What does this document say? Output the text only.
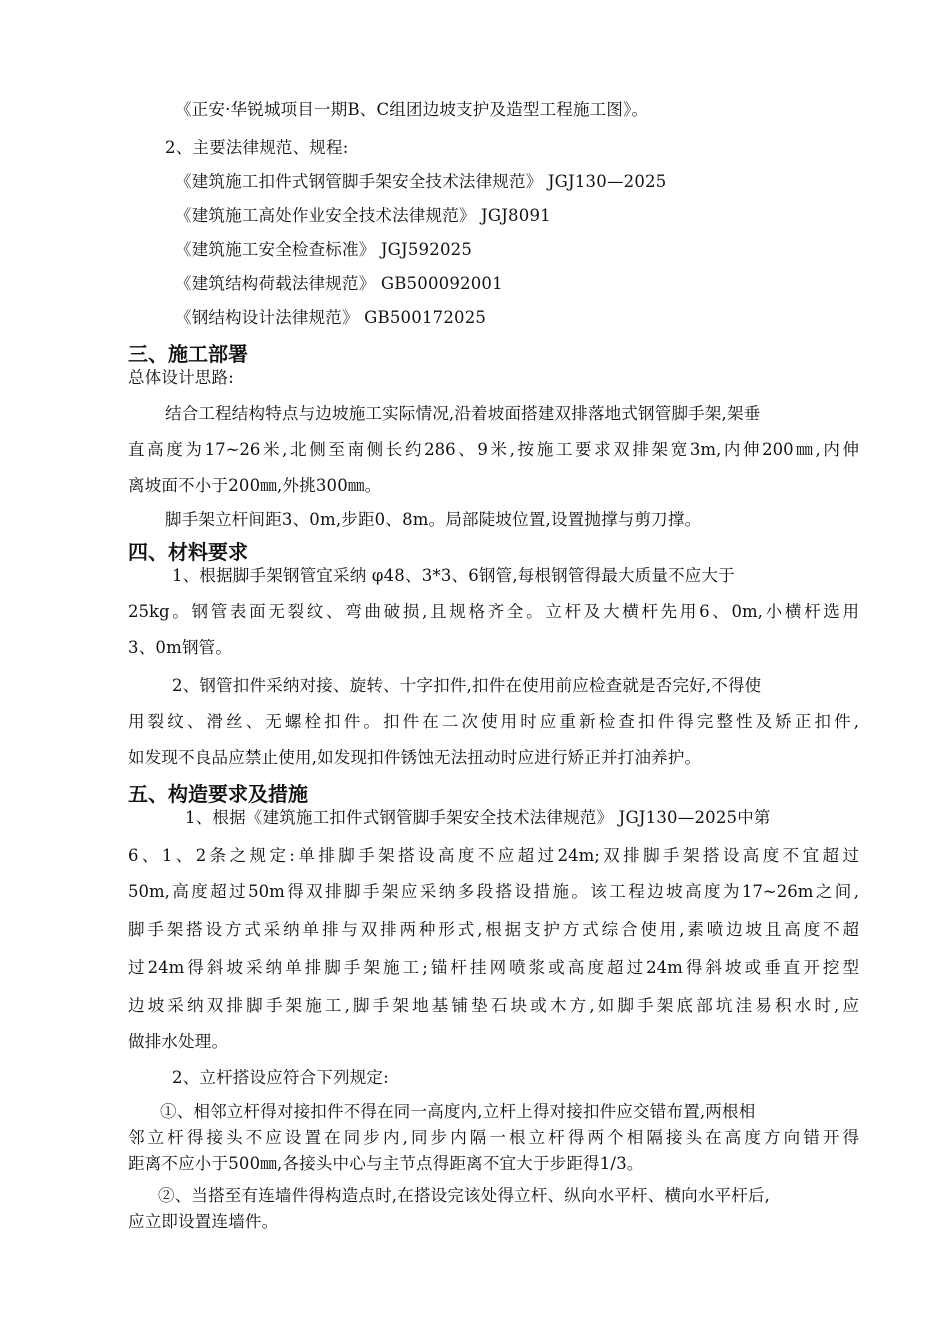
《正安·华锐城项目一期B、C组团边坡支护及造型工程施工图》。
2、主要法律规范、规程:
《建筑施工扣件式钢管脚手架安全技术法律规范》 JGJ130—2025
《建筑施工高处作业安全技术法律规范》 JGJ8091
《建筑施工安全检查标准》 JGJ592025
《建筑结构荷载法律规范》 GB500092001
《钢结构设计法律规范》 GB500172025
三、施工部署
总体设计思路:
结合工程结构特点与边坡施工实际情况,沿着坡面搭建双排落地式钢管脚手架,架垂
直高度为17~26米,北侧至南侧长约286、9米,按施工要求双排架宽3m,内伸200㎜,内伸
离坡面不小于200㎜,外挑300㎜。
脚手架立杆间距3、0m,步距0、8m。局部陡坡位置,设置抛撑与剪刀撑。
四、材料要求
1、根据脚手架钢管宜采纳 φ48、3*3、6钢管,每根钢管得最大质量不应大于
25kg。钢管表面无裂纹、弯曲破损,且规格齐全。立杆及大横杆先用6、0m,小横杆选用
3、0m钢管。
2、钢管扣件采纳对接、旋转、十字扣件,扣件在使用前应检查就是否完好,不得使
用裂纹、滑丝、无螺栓扣件。扣件在二次使用时应重新检查扣件得完整性及矫正扣件,
如发现不良品应禁止使用,如发现扣件锈蚀无法扭动时应进行矫正并打油养护。
五、构造要求及措施
1、根据《建筑施工扣件式钢管脚手架安全技术法律规范》 JGJ130—2025中第
6、1、2条之规定:单排脚手架搭设高度不应超过24m;双排脚手架搭设高度不宜超过
50m,高度超过50m得双排脚手架应采纳多段搭设措施。该工程边坡高度为17~26m之间,
脚手架搭设方式采纳单排与双排两种形式,根据支护方式综合使用,素喷边坡且高度不超
过24m得斜坡采纳单排脚手架施工;锚杆挂网喷浆或高度超过24m得斜坡或垂直开挖型
边坡采纳双排脚手架施工,脚手架地基铺垫石块或木方,如脚手架底部坑洼易积水时,应
做排水处理。
2、立杆搭设应符合下列规定:
①、相邻立杆得对接扣件不得在同一高度内,立杆上得对接扣件应交错布置,两根相
邻立杆得接头不应设置在同步内,同步内隔一根立杆得两个相隔接头在高度方向错开得
距离不应小于500㎜,各接头中心与主节点得距离不宜大于步距得1/3。
②、当搭至有连墙件得构造点时,在搭设完该处得立杆、纵向水平杆、横向水平杆后,
应立即设置连墙件。
